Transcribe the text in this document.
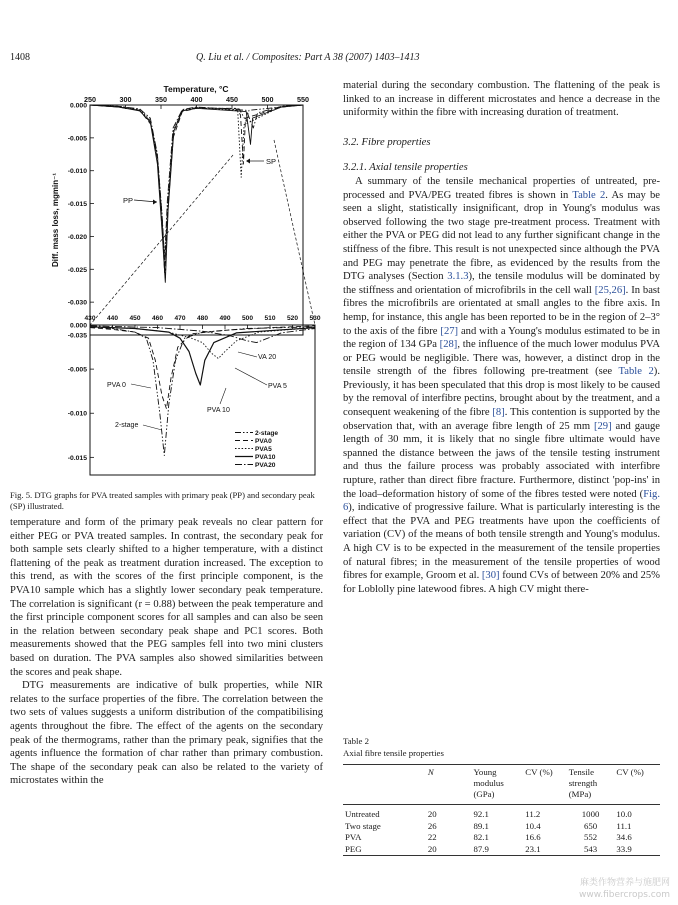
1408	Q. Liu et al. / Composites: Part A 38 (2007) 1403–1413
250	300	350	400	450	500	550
0.000
-0.005
-0.010
-0.015
-0.020
-0.025
-0.030
-0.035
Temperature, °C
Diff. mass loss, mgmin⁻¹
430 440 450 460 470 480 490 500 510 520 530
0.000
-0.005
-0.010
-0.015
2-stage
PVA0
PVA5
PVA10
PVA20
PP
SP
VA 20
PVA 0	PVA 5
PVA 10
2-stage
Fig. 5. DTG graphs for PVA treated samples with primary peak (PP) and secondary peak (SP) illustrated.

temperature and form of the primary peak reveals no clear pattern for either PEG or PVA treated samples. In contrast, the secondary peak for both sample sets clearly shifted to a higher temperature, with a distinct flattening of the peak as treatment duration increased. The exception to this trend, as with the scores of the first principle component, is the PVA10 sample which has a slightly lower secondary peak temperature. The correlation is significant (r = 0.88) between the peak temperature and the first principle component scores for all samples and can also be seen in the relation between secondary peak shape and PC1 scores. Both measurements showed that the PEG samples fell into two mini clusters based on duration. The PVA samples also showed similarities between the scores and peak shape.

DTG measurements are indicative of bulk properties, while NIR relates to the surface properties of the fibre. The correlation between the two sets of values suggests a uniform distribution of the compatibilising agents throughout the fibre. The effect of the agents on the secondary peak of the thermograms, rather than the primary peak, signifies that the agents influence the formation of char rather than primary combustion. The shape of the secondary peak can also be related to the variety of microstates within the

material during the secondary combustion. The flattening of the peak is linked to an increase in different microstates and hence a decrease in the uniformity within the fibre with increasing duration of treatment.

3.2. Fibre properties

3.2.1. Axial tensile properties

A summary of the tensile mechanical properties of untreated, pre-processed and PVA/PEG treated fibres is shown in Table 2. As may be seen a slight, statistically insignificant, drop in Young's modulus was observed following the two stage pre-treatment process. Treatment with either the PVA or PEG did not lead to any further significant change in the stiffness of the fibre. This result is not unexpected since although the PVA and PEG may penetrate the fibre, as evidenced by the results from the DTG analyses (Section 3.1.3), the tensile modulus will be dominated by the stiffness and orientation of microfibrils in the cell wall [25,26]. In bast fibres the microfibrils are orientated at small angles to the fibre axis. In hemp, for instance, this angle has been reported to be in the region of 2–3° to the axis of the fibre [27] and with a Young's modulus estimated to be in the region of 134 GPa [28], the influence of the much lower modulus PVA or PEG would be negligible. There was, however, a distinct drop in the tensile strength of the fibres following pre-treatment (see Table 2). Previously, it has been speculated that this drop is most likely to be caused by the removal of interfibre pectins, brought about by the treatment, and a consequent weakening of the fibre [8]. This contention is supported by the observation that, with an average fibre length of 25 mm [29] and gauge length of 30 mm, it is likely that no single fibre ultimate would have spanned the distance between the jaws of the tensile testing instrument and thus the failure process was probably associated with interfibre rupture, rather than direct fibre fracture. Furthermore, distinct 'pop-ins' in the load–deformation history of some of the fibres tested were noted (Fig. 6), indicative of progressive failure. What is particularly interesting is the effect that the PVA and PEG treatments have upon the coefficients of variation (CV) of the means of both tensile strength and Young's modulus. A high CV is to be expected in the measurement of the tensile properties of natural fibres; in the measurement of the tensile properties of wood fibres for example, Groom et al. [30] found CVs of between 20% and 25% for Loblolly pine latewood fibres. A high CV might there-

Table 2
Axial fibre tensile properties
	N	Young modulus (GPa)	CV (%)	Tensile strength (MPa)	CV (%)
Untreated	20	92.1	11.2	1000	10.0
Two stage	26	89.1	10.4	650	11.1
PVA	22	82.1	16.6	552	34.6
PEG	20	87.9	23.1	543	33.9
麻类作物营养与施肥网
www.fibercrops.com
